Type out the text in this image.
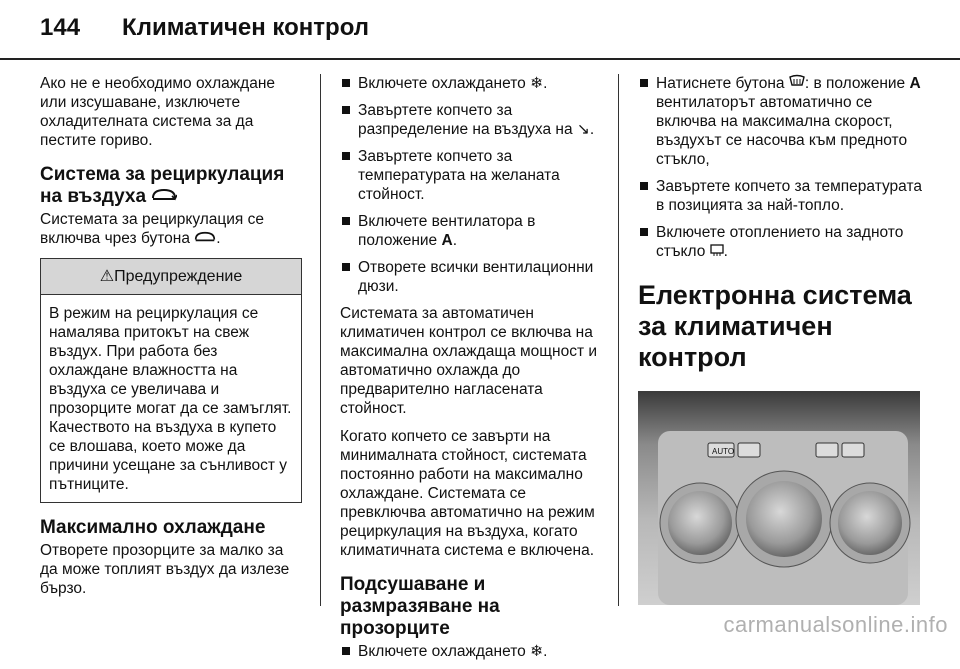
144 Климатичен контрол

Ако не е необходимо охлаждане или изсушаване, изключете охладителната система за да пестите гориво.

Система за рециркулация на въздуха

Системата за рециркулация се включва чрез бутона .

⚠Предупреждение
В режим на рециркулация се намалява притокът на свеж въздух. При работа без охлаждане влажността на въздуха се увеличава и прозорците могат да се замъглят. Качеството на въздуха в купето се влошава, което може да причини усещане за сънливост у пътниците.
Максимално охлаждане

Отворете прозорците за малко за да може топлият въздух да излезе бързо.

Включете охлаждането ❄.
Завъртете копчето за разпределение на въздуха на ↘.
Завъртете копчето за температурата на желаната стойност.
Включете вентилатора в положение A.
Отворете всички вентилационни дюзи.

Системата за автоматичен климатичен контрол се включва на максимална охлаждаща мощност и автоматично охлажда до предварително нагласената стойност.

Когато копчето се завърти на минималната стойност, системата постоянно работи на максимално охлаждане. Системата се превключва автоматично на режим рециркулация на въздуха, когато климатичната система е включена.

Подсушаване и размразяване на прозорците
Включете охлаждането ❄.
Натиснете бутона : в положение A вентилаторът автоматично се включва на максимална скорост, въздухът се насочва към предното стъкло,
Завъртете копчето за температурата в позицията за най-топло.
Включете отоплението на задното стъкло .
Електронна система за климатичен контрол
AUTO
carmanualsonline.info
